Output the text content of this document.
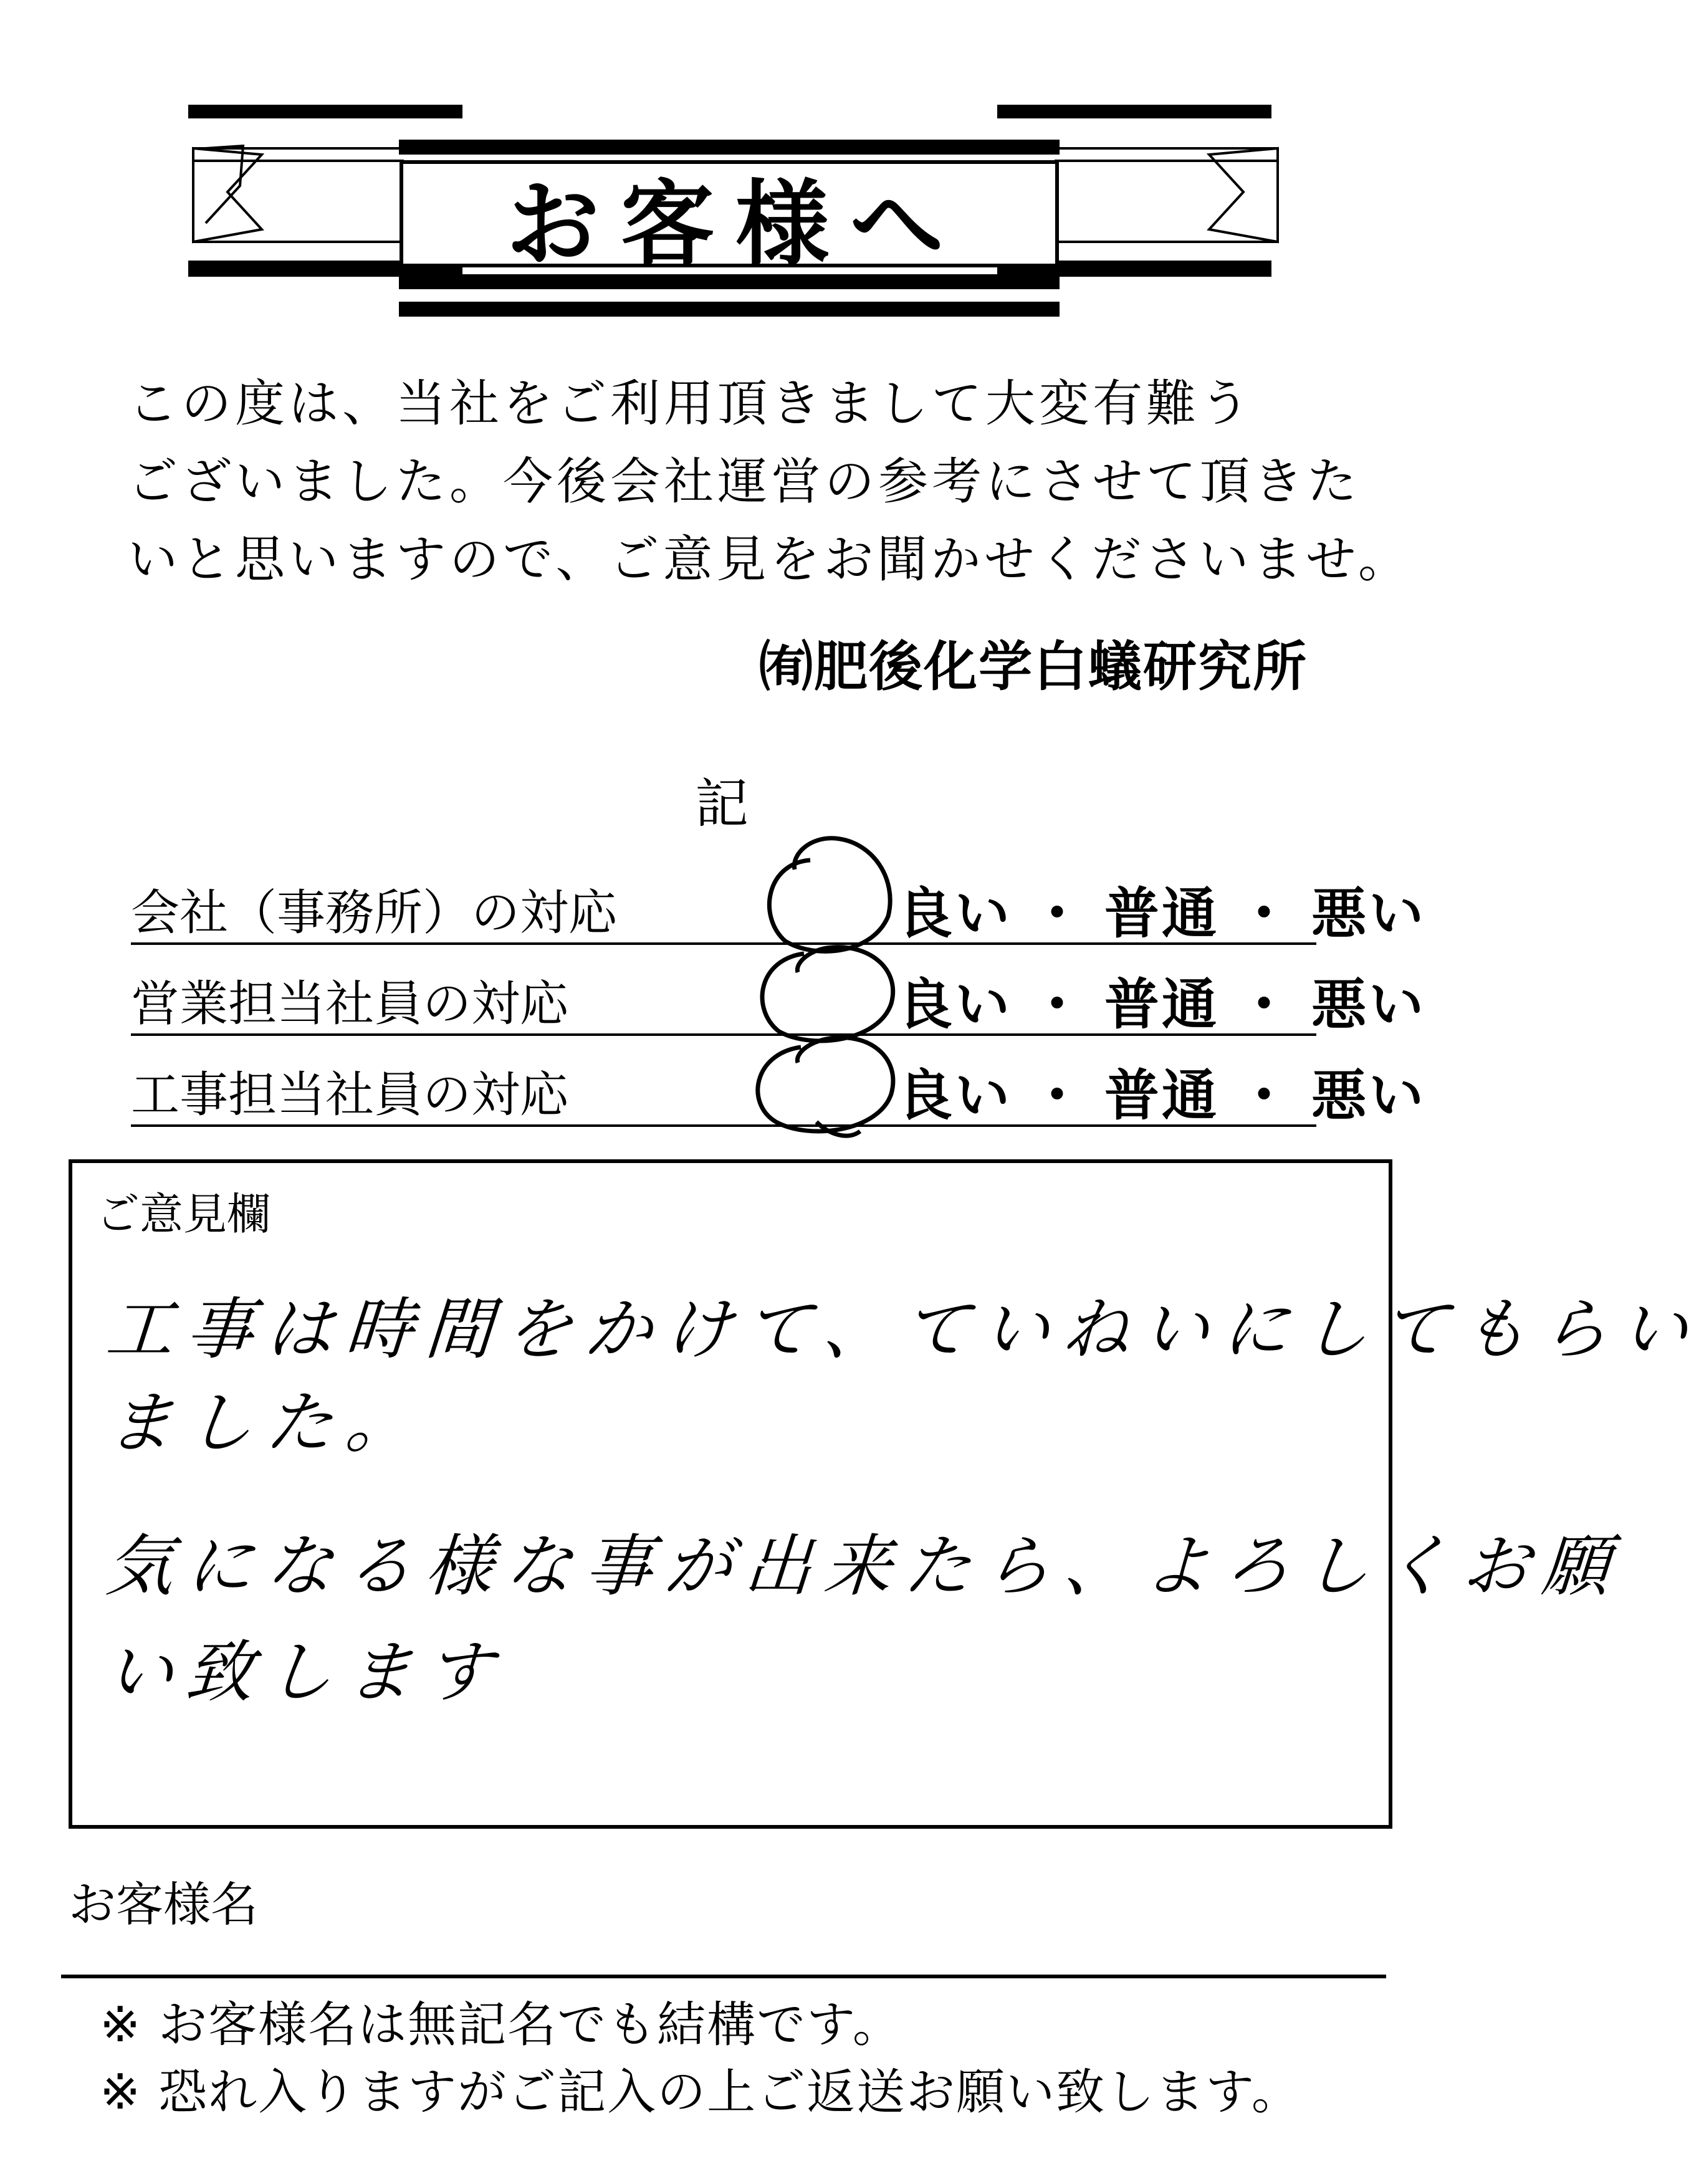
お客様へ
この度は、当社をご利用頂きまして大変有難う
ございました。今後会社運営の参考にさせて頂きた
いと思いますので、ご意見をお聞かせくださいませ。
㈲肥後化学白蟻研究所
記
会社（事務所）の対応	良い ・ 普通 ・ 悪い
営業担当社員の対応	良い ・ 普通 ・ 悪い
工事担当社員の対応	良い ・ 普通 ・ 悪い
ご意見欄
工事は時間をかけて、ていねいにしてもらい
ました。
気になる様な事が出来たら、よろしくお願
い致します
お客様名
※ お客様名は無記名でも結構です。
※ 恐れ入りますがご記入の上ご返送お願い致します。
